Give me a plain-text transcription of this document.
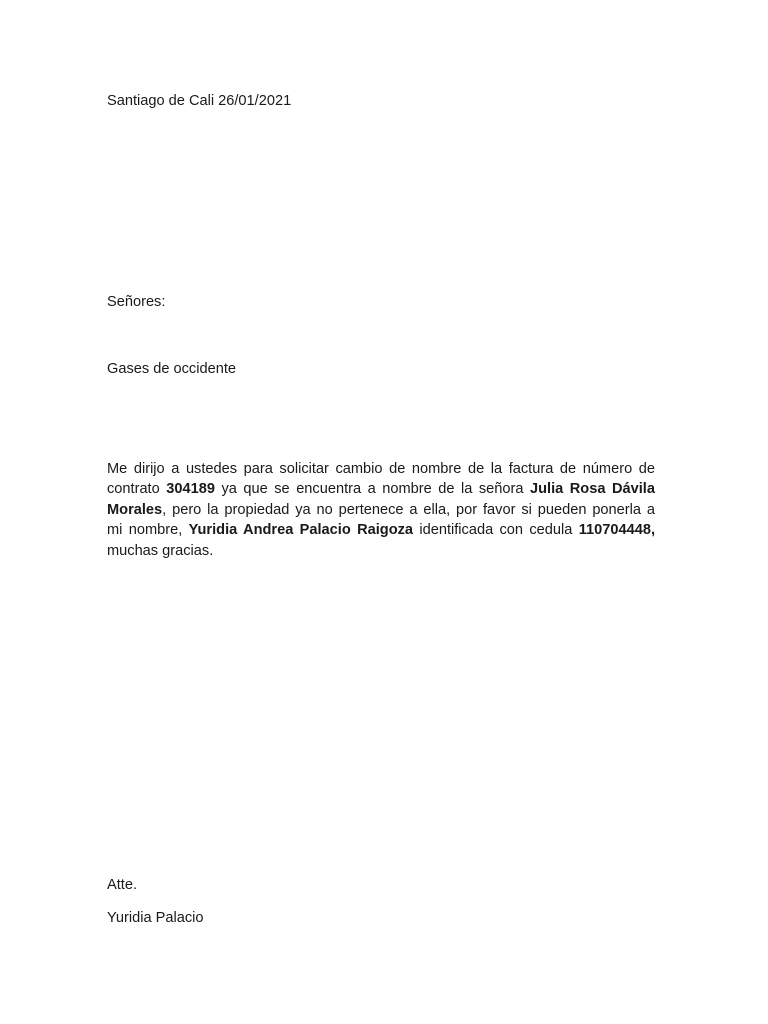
Santiago de Cali 26/01/2021
Señores:
Gases de occidente
Me dirijo a ustedes para solicitar cambio de nombre de la factura de número de
contrato 304189 ya que se encuentra a nombre de la señora Julia Rosa Dávila
Morales, pero la propiedad ya no pertenece a ella, por favor si pueden ponerla a
mi nombre, Yuridia Andrea Palacio Raigoza identificada con cedula 110704448,
muchas gracias.
Atte.
Yuridia Palacio
